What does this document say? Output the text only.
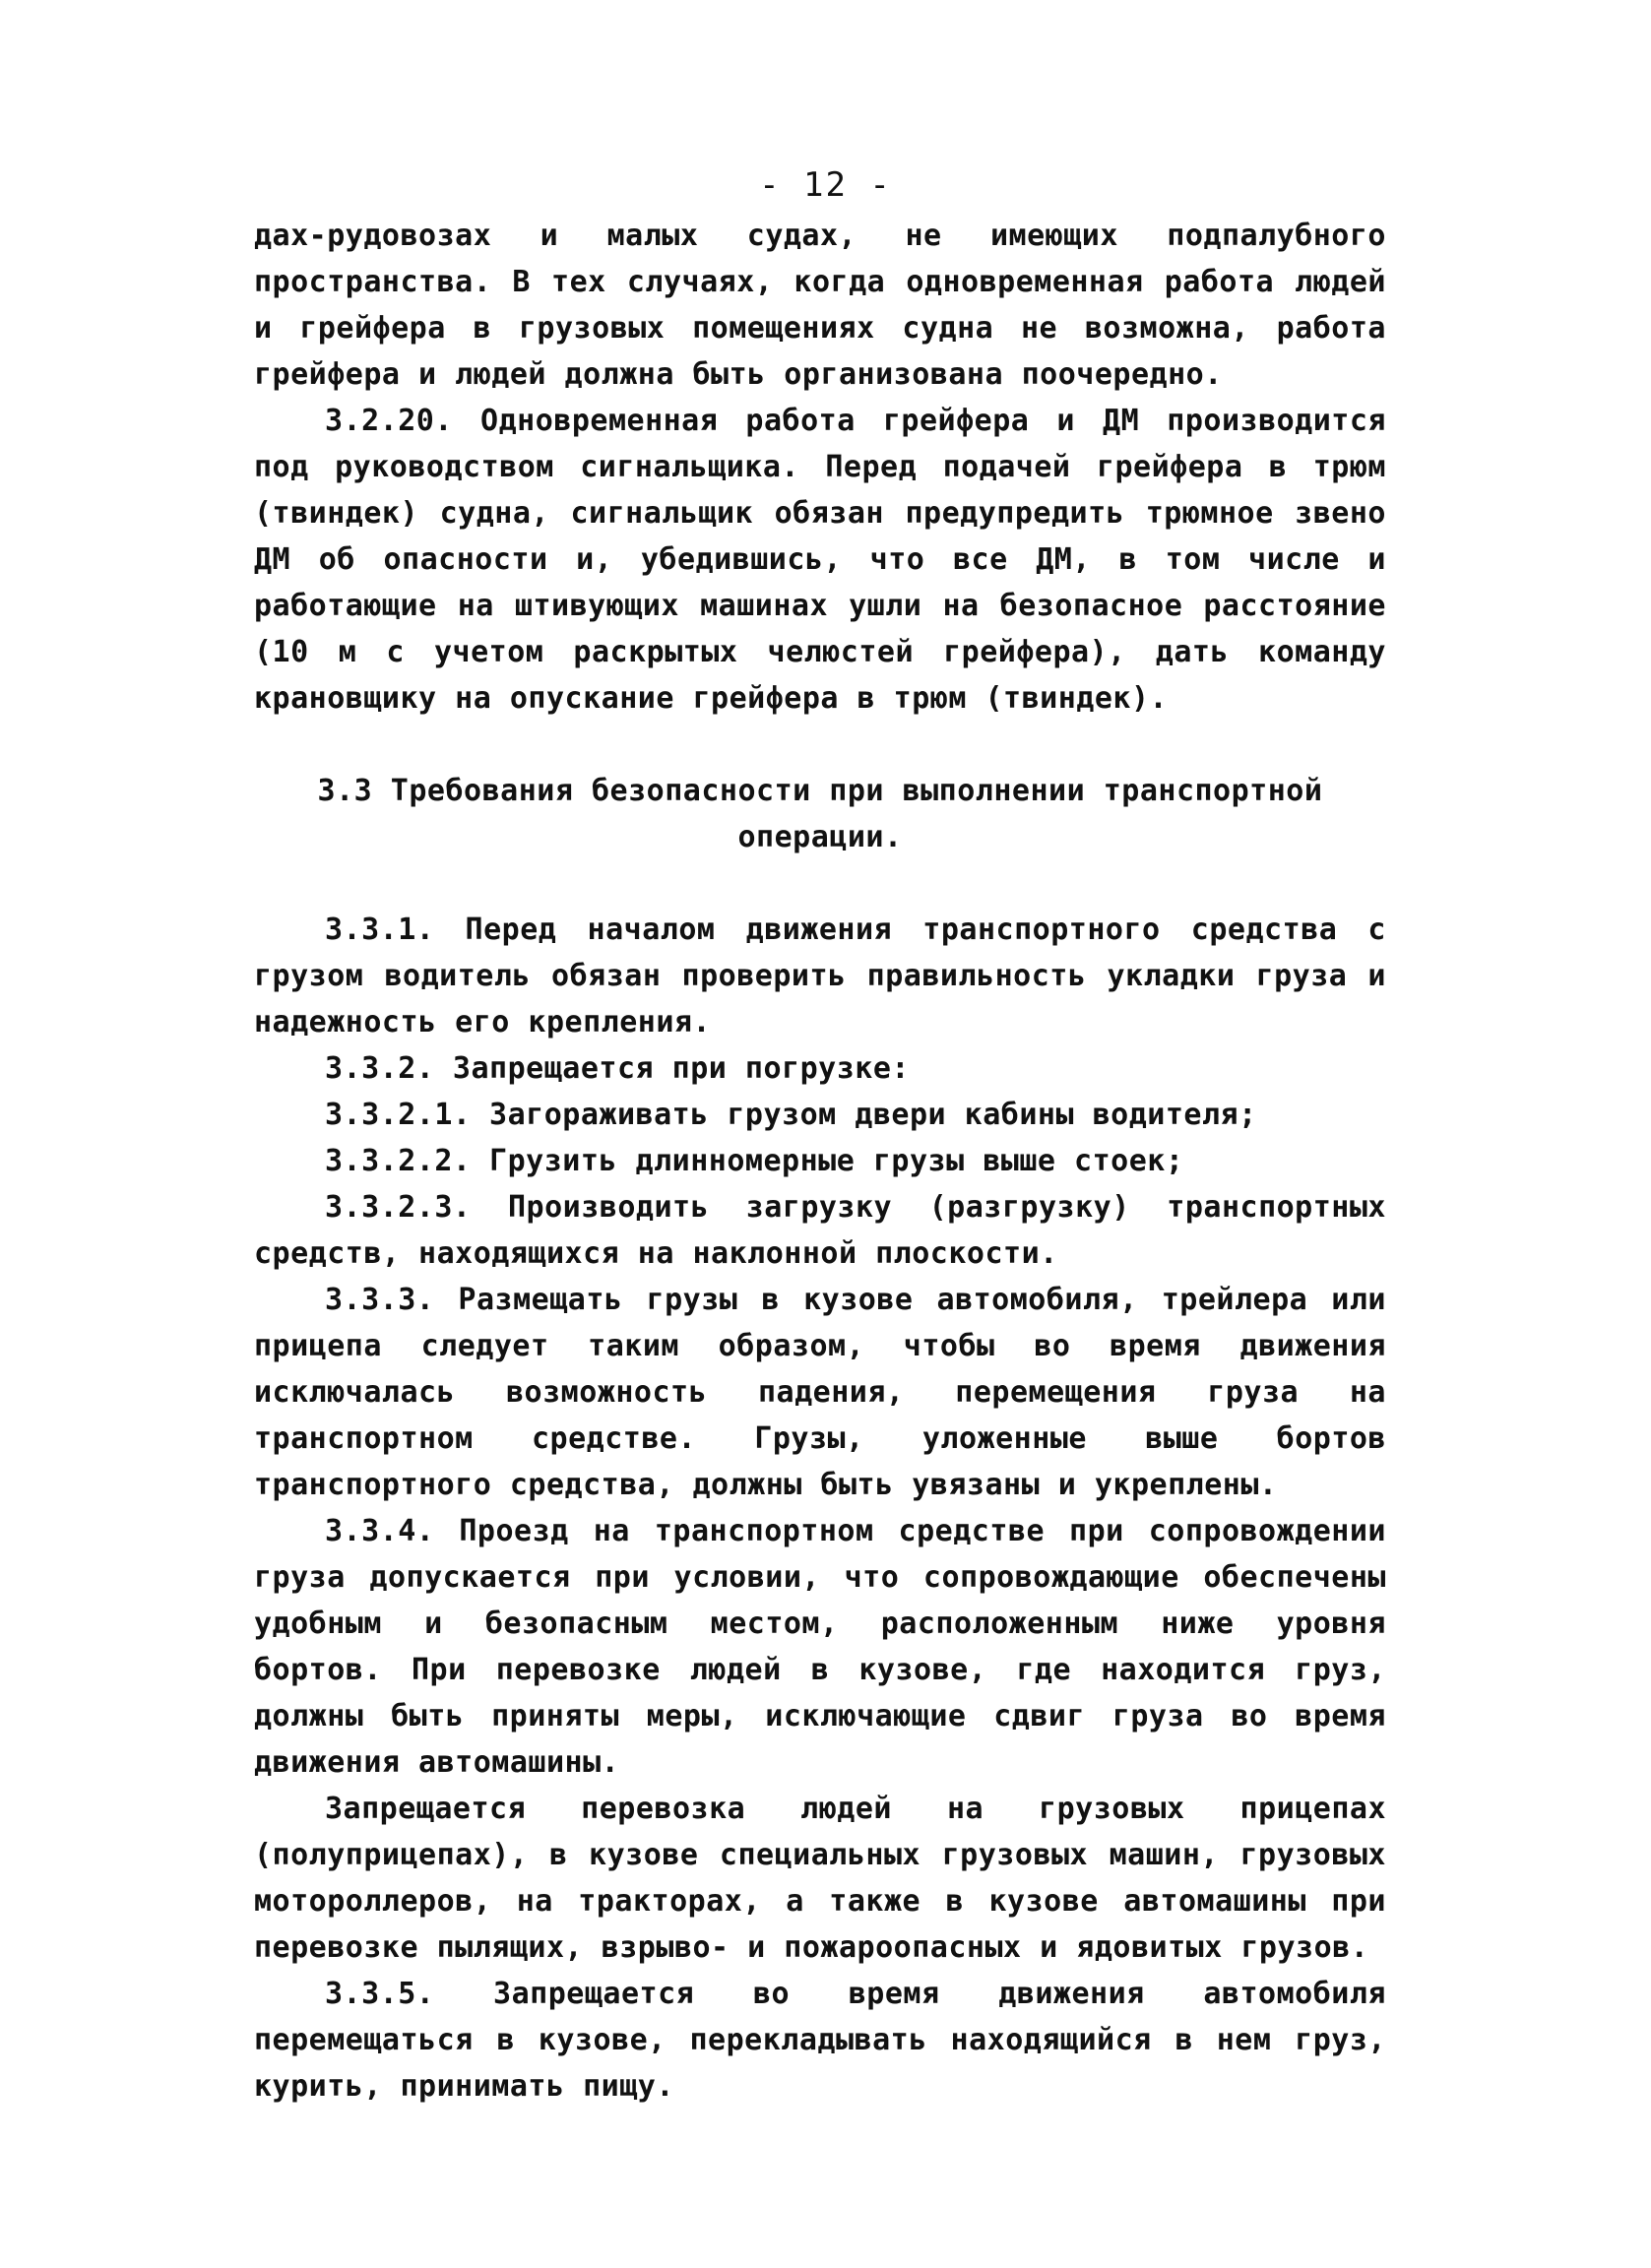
- 12 -

дах-рудовозах и малых судах, не имеющих подпалубного пространства. В тех случаях, когда одновременная работа людей и грейфера в грузовых помещениях судна не возможна, работа грейфера и людей должна быть организована поочередно.

3.2.20. Одновременная работа грейфера и ДМ производится под руководством сигнальщика. Перед подачей грейфера в трюм (твиндек) судна, сигнальщик обязан предупредить трюмное звено ДМ об опасности и, убедившись, что все ДМ, в том числе и работающие на штивующих машинах ушли на безопасное расстояние (10 м с учетом раскрытых челюстей грейфера), дать команду крановщику на опускание грейфера в трюм (твиндек).

3.3 Требования безопасности при выполнении транспортной операции.

3.3.1. Перед началом движения транспортного средства с грузом водитель обязан проверить правильность укладки груза и надежность его крепления.

3.3.2. Запрещается при погрузке:

3.3.2.1. Загораживать грузом двери кабины водителя;

3.3.2.2. Грузить длинномерные грузы выше стоек;

3.3.2.3. Производить загрузку (разгрузку) транспортных средств, находящихся на наклонной плоскости.

3.3.3. Размещать грузы в кузове автомобиля, трейлера или прицепа следует таким образом, чтобы во время движения исключалась возможность падения, перемещения груза на транспортном средстве. Грузы, уложенные выше бортов транспортного средства, должны быть увязаны и укреплены.

3.3.4. Проезд на транспортном средстве при сопровождении груза допускается при условии, что сопровождающие обеспечены удобным и безопасным местом, расположенным ниже уровня бортов. При перевозке людей в кузове, где находится груз, должны быть приняты меры, исключающие сдвиг груза во время движения автомашины.

Запрещается перевозка людей на грузовых прицепах (полуприцепах), в кузове специальных грузовых машин, грузовых мотороллеров, на тракторах, а также в кузове автомашины при перевозке пылящих, взрыво- и пожароопасных и ядовитых грузов.

3.3.5. Запрещается во время движения автомобиля перемещаться в кузове, перекладывать находящийся в нем груз, курить, принимать пищу.
